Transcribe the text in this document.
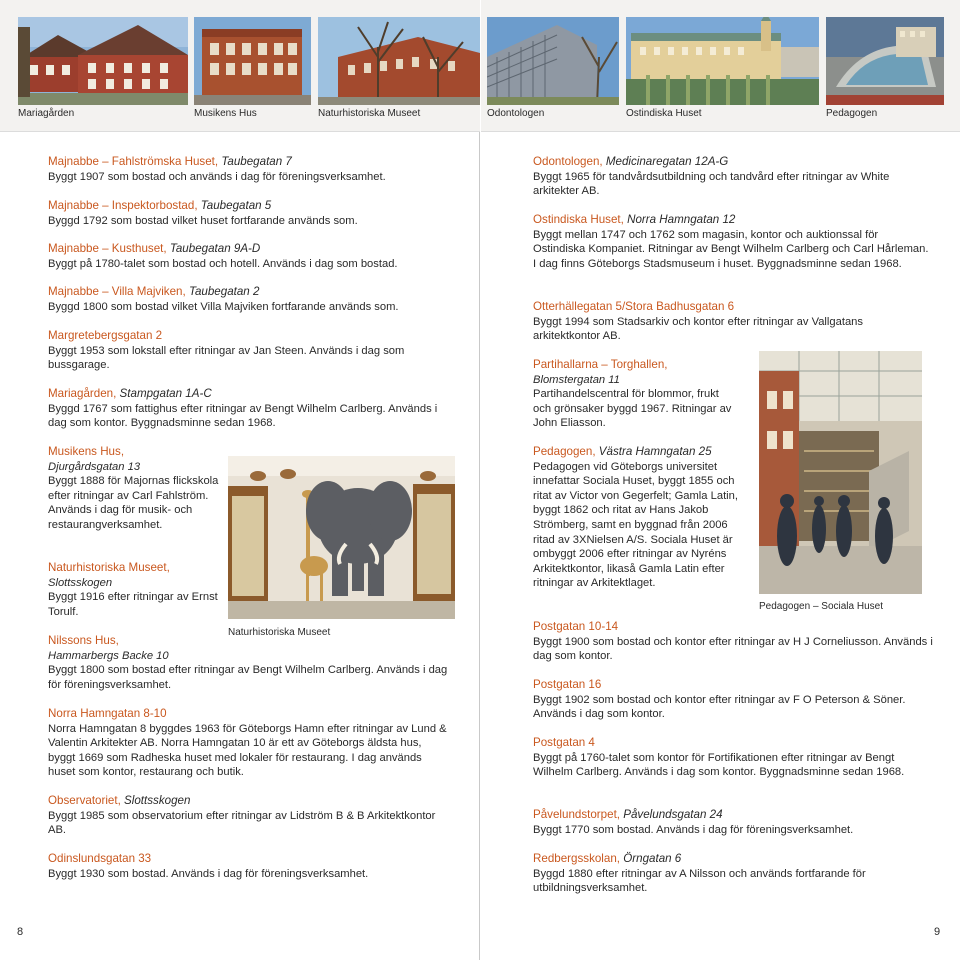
Mariagården	Musikens Hus	Naturhistoriska Museet

Majnabbe – Fahlströmska Huset, Taubegatan 7

Byggt 1907 som bostad och används i dag för föreningsverksamhet.

Majnabbe – Inspektorbostad, Taubegatan 5

Byggd 1792 som bostad vilket huset fortfarande används som.

Majnabbe – Kusthuset, Taubegatan 9A-D

Byggt på 1780-talet som bostad och hotell. Används i dag som bostad.

Majnabbe – Villa Majviken, Taubegatan 2

Byggd 1800 som bostad vilket Villa Majviken fortfarande används som.

Margretebergsgatan 2

Byggt 1953 som lokstall efter ritningar av Jan Steen. Används i dag som bussgarage.

Mariagården, Stampgatan 1A-C

Byggd 1767 som fattighus efter ritningar av Bengt Wilhelm Carlberg. Används i dag som kontor. Byggnadsminne sedan 1968.

Musikens Hus,

Djurgårdsgatan 13

Byggt 1888 för Majornas flickskola efter ritningar av Carl Fahlström. Används i dag för musik- och restaurangverksamhet.

Naturhistoriska Museet,

Slottsskogen

Byggt 1916 efter ritningar av Ernst Torulf.

Naturhistoriska Museet

Nilssons Hus,

Hammarbergs Backe 10

Byggt 1800 som bostad efter ritningar av Bengt Wilhelm Carlberg. Används i dag för föreningsverksamhet.

Norra Hamngatan 8-10

Norra Hamngatan 8 byggdes 1963 för Göteborgs Hamn efter ritningar av Lund & Valentin Arkitekter AB. Norra Hamngatan 10 är ett av Göteborgs äldsta hus, byggt 1669 som Radheska huset med lokaler för restaurang. I dag används huset som kontor, restaurang och butik.

Observatoriet, Slottsskogen

Byggt 1985 som observatorium efter ritningar av Lidström B & B Arkitektkontor AB.

Odinslundsgatan 33

Byggt 1930 som bostad. Används i dag för föreningsverksamhet.

8
Odontologen	Ostindiska Huset	Pedagogen

Odontologen, Medicinaregatan 12A-G

Byggt 1965 för tandvårdsutbildning och tandvård efter ritningar av White arkitekter AB.

Ostindiska Huset, Norra Hamngatan 12

Byggt mellan 1747 och 1762 som magasin, kontor och auktionssal för Ostindiska Kompaniet. Ritningar av Bengt Wilhelm Carlberg och Carl Hårleman. I dag finns Göteborgs Stadsmuseum i huset. Byggnadsminne sedan 1968.

Otterhällegatan 5/Stora Badhusgatan 6

Byggt 1994 som Stadsarkiv och kontor efter ritningar av Vallgatans arkitektkontor AB.

Partihallarna – Torghallen,

Blomstergatan 11

Partihandelscentral för blommor, frukt och grönsaker byggd 1967. Ritningar av John Eliasson.

Pedagogen – Sociala Huset

Pedagogen, Västra Hamngatan 25

Pedagogen vid Göteborgs universitet innefattar Sociala Huset, byggt 1855 och ritat av Victor von Gegerfelt; Gamla Latin, byggt 1862 och ritat av Hans Jakob Strömberg, samt en byggnad från 2006 ritad av 3XNielsen A/S. Sociala Huset är ombyggt 2006 efter ritningar av Nyréns Arkitektkontor, likaså Gamla Latin efter ritningar av Arkitektlaget.

Postgatan 10-14

Byggt 1900 som bostad och kontor efter ritningar av H J Corneliusson. Används i dag som kontor.

Postgatan 16

Byggt 1902 som bostad och kontor efter ritningar av F O Peterson & Söner. Används i dag som kontor.

Postgatan 4

Byggt på 1760-talet som kontor för Fortifikationen efter ritningar av Bengt Wilhelm Carlberg. Används i dag som kontor. Byggnadsminne sedan 1968.

Påvelundstorpet, Påvelundsgatan 24

Byggt 1770 som bostad. Används i dag för föreningsverksamhet.

Redbergsskolan, Örngatan 6

Byggd 1880 efter ritningar av A Nilsson och används fortfarande för utbildningsverksamhet.

9
